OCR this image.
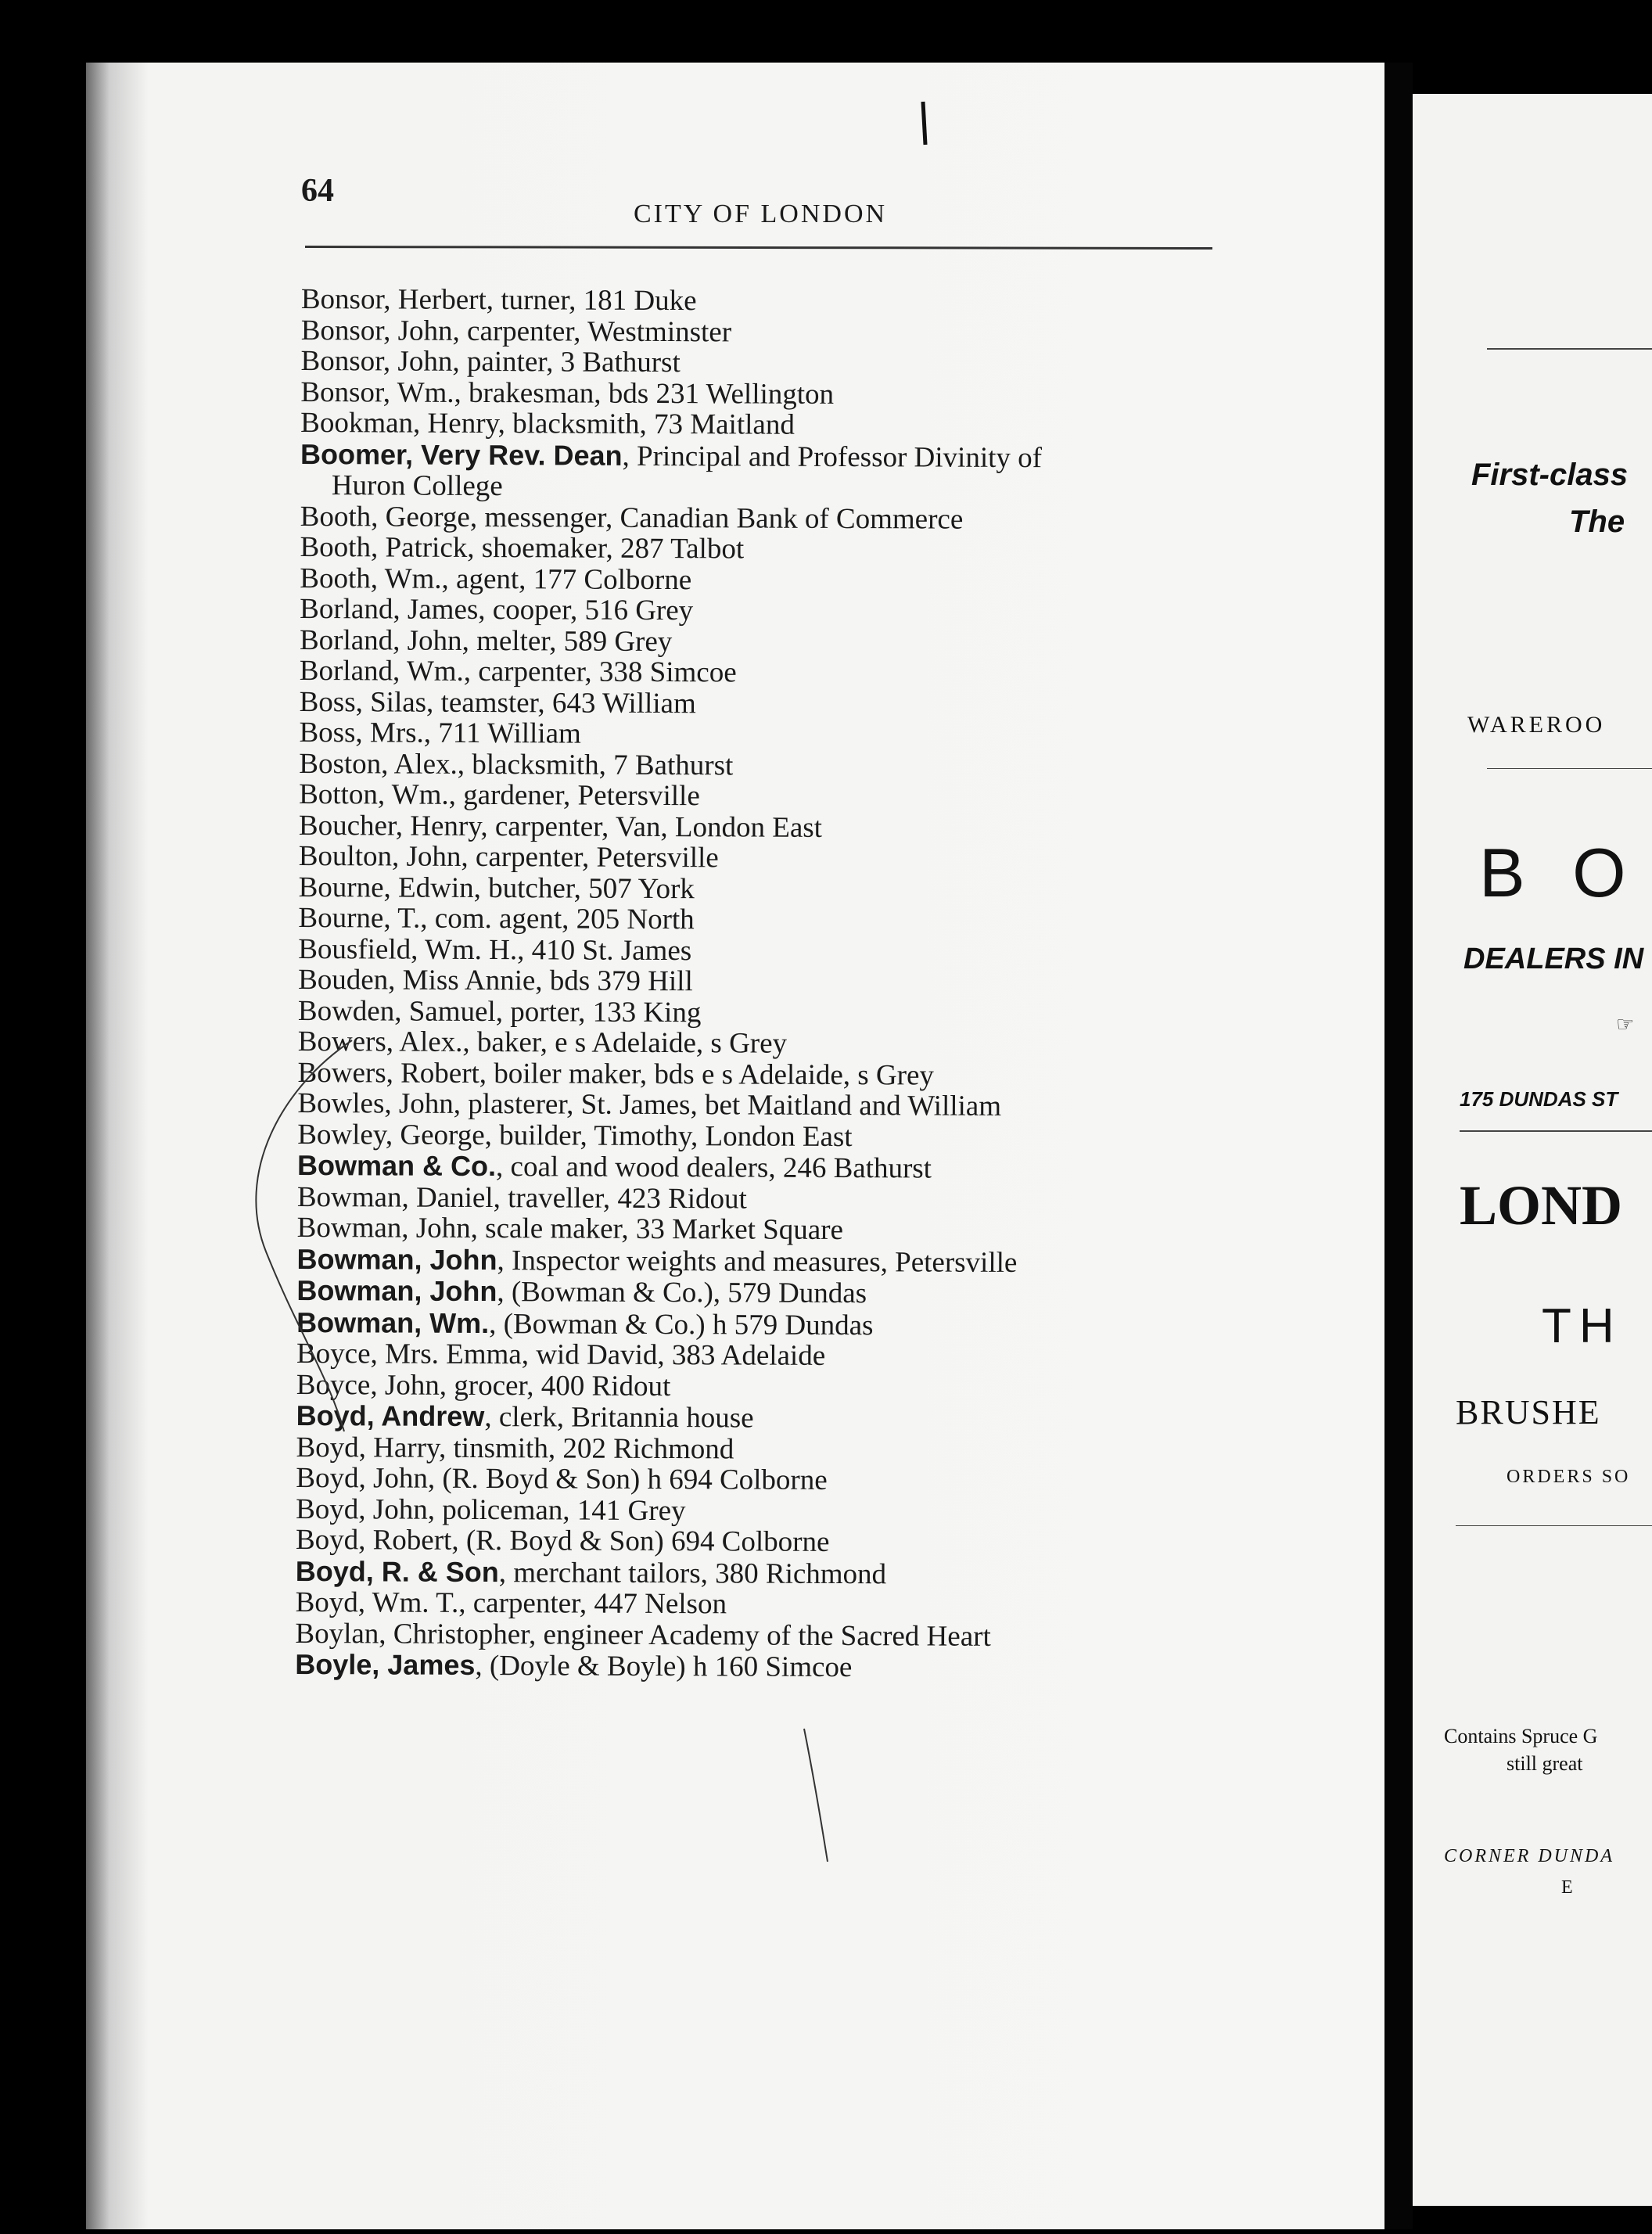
64
CITY OF LONDON
Bonsor, Herbert, turner, 181 Duke
Bonsor, John, carpenter, Westminster
Bonsor, John, painter, 3 Bathurst
Bonsor, Wm., brakesman, bds 231 Wellington
Bookman, Henry, blacksmith, 73 Maitland
Boomer, Very Rev. Dean, Principal and Professor Divinity of
Huron College
Booth, George, messenger, Canadian Bank of Commerce
Booth, Patrick, shoemaker, 287 Talbot
Booth, Wm., agent, 177 Colborne
Borland, James, cooper, 516 Grey
Borland, John, melter, 589 Grey
Borland, Wm., carpenter, 338 Simcoe
Boss, Silas, teamster, 643 William
Boss, Mrs., 711 William
Boston, Alex., blacksmith, 7 Bathurst
Botton, Wm., gardener, Petersville
Boucher, Henry, carpenter, Van, London East
Boulton, John, carpenter, Petersville
Bourne, Edwin, butcher, 507 York
Bourne, T., com. agent, 205 North
Bousfield, Wm. H., 410 St. James
Bouden, Miss Annie, bds 379 Hill
Bowden, Samuel, porter, 133 King
Bowers, Alex., baker, e s Adelaide, s Grey
Bowers, Robert, boiler maker, bds e s Adelaide, s Grey
Bowles, John, plasterer, St. James, bet Maitland and William
Bowley, George, builder, Timothy, London East
Bowman & Co., coal and wood dealers, 246 Bathurst
Bowman, Daniel, traveller, 423 Ridout
Bowman, John, scale maker, 33 Market Square
Bowman, John, Inspector weights and measures, Petersville
Bowman, John, (Bowman & Co.), 579 Dundas
Bowman, Wm., (Bowman & Co.) h 579 Dundas
Boyce, Mrs. Emma, wid David, 383 Adelaide
Boyce, John, grocer, 400 Ridout
Boyd, Andrew, clerk, Britannia house
Boyd, Harry, tinsmith, 202 Richmond
Boyd, John, (R. Boyd & Son) h 694 Colborne
Boyd, John, policeman, 141 Grey
Boyd, Robert, (R. Boyd & Son) 694 Colborne
Boyd, R. & Son, merchant tailors, 380 Richmond
Boyd, Wm. T., carpenter, 447 Nelson
Boylan, Christopher, engineer Academy of the Sacred Heart
Boyle, James, (Doyle & Boyle) h 160 Simcoe
First-class
The
WAREROO
B O
DEALERS IN
☞
175 DUNDAS ST
LOND
TH
BRUSHE
ORDERS SO
Contains Spruce G
still great
CORNER DUNDA
E
